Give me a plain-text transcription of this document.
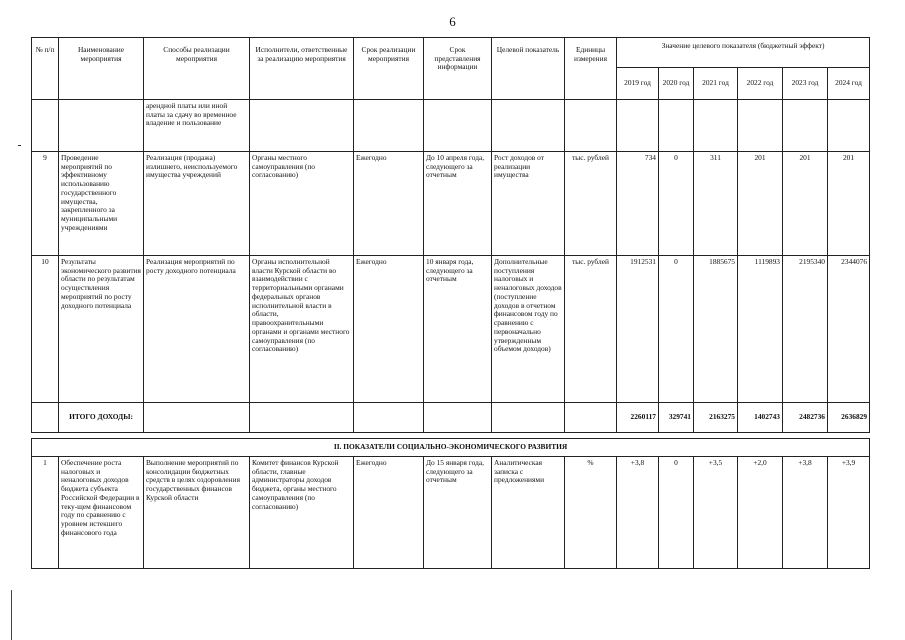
6
№ п/п	Наименование мероприятия	Способы реализации мероприятия	Исполнители, ответственные за реализацию мероприятия	Срок реализации мероприятия	Срок представления информации	Целевой показатель	Единицы измерения	Значение целевого показателя (бюджетный эффект)					
								2019 год	2020 год	2021 год	2022 год	2023 год	2024 год
		арендной платы или иной платы за сдачу во временное владение и пользование											
9	Проведение мероприятий по эффективному использованию государственного имущества, закрепленного за муниципальными учреждениями	Реализация (продажа) излишнего, неиспользуемого имущества учреждений	Органы местного самоуправления (по согласованию)	Ежегодно	До 10 апреля года, следующего за отчетным	Рост доходов от реализации имущества	тыс. рублей	734	0	311	201	201	201
10	Результаты экономического развития области по результатам осуществления мероприятий по росту доходного потенциала	Реализация мероприятий по росту доходного потенциала	Органы исполнительной власти Курской области во взаимодействии с территориальными органами федеральных органов исполнительной власти в области, правоохранительными органами и органами местного самоуправления (по согласованию)	Ежегодно	10 января года, следующего за отчетным	Дополнительные поступления налоговых и неналоговых доходов (поступление доходов в отчетном финансовом году по сравнению с первоначально утвержденным объемом доходов)	тыс. рублей	1912531	0	1885675	1119893	2195340	2344076
	ИТОГО ДОХОДЫ:							2260117	329741	2163275	1402743	2482736	2636829

II. ПОКАЗАТЕЛИ СОЦИАЛЬНО-ЭКОНОМИЧЕСКОГО РАЗВИТИЯ													
1	Обеспечение роста налоговых и неналоговых доходов бюджета субъекта Российской Федерации в теку-щем финансовом году по сравнению с уровнем истекшего финансового года	Выполнение мероприятий по консолидации бюджетных средств в целях оздоровления государственных финансов Курской области	Комитет финансов Курской области, главные администраторы доходов бюджета, органы местного самоуправления (по согласованию)	Ежегодно	До 15 января года, следующего за отчетным	Аналитическая записка с предложениями	%	+3,8	0	+3,5	+2,0	+3,8	+3,9
